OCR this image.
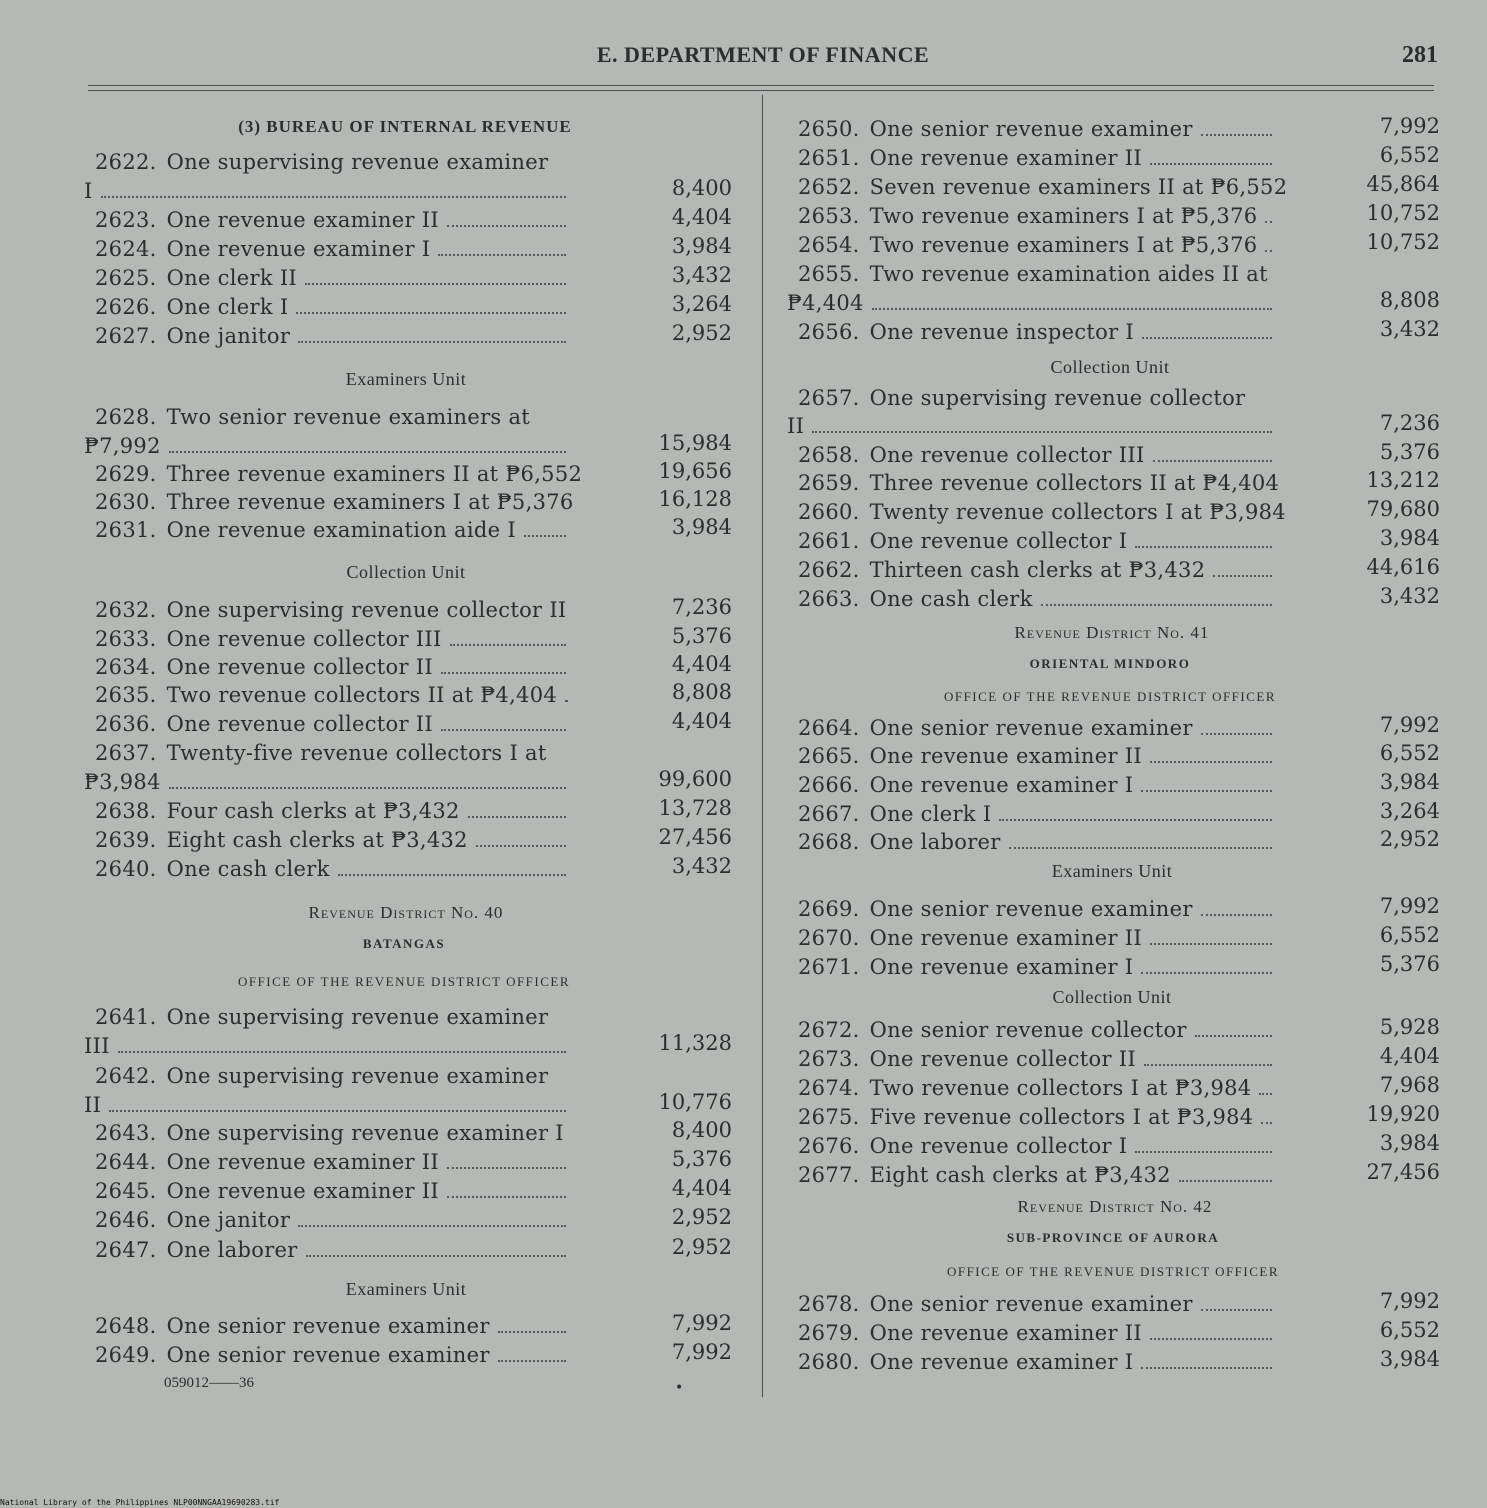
E. DEPARTMENT OF FINANCE	281
(3) BUREAU OF INTERNAL REVENUE
2622. One supervising revenue examiner
I	8,400
2623. One revenue examiner II	4,404
2624. One revenue examiner I	3,984
2625. One clerk II	3,432
2626. One clerk I	3,264
2627. One janitor	2,952
Examiners Unit
2628. Two senior revenue examiners at
₱7,992	15,984
2629. Three revenue examiners II at ₱6,552	19,656
2630. Three revenue examiners I at ₱5,376	16,128
2631. One revenue examination aide I	3,984
Collection Unit
2632. One supervising revenue collector II	7,236
2633. One revenue collector III	5,376
2634. One revenue collector II	4,404
2635. Two revenue collectors II at ₱4,404	8,808
2636. One revenue collector II	4,404
2637. Twenty-five revenue collectors I at
₱3,984	99,600
2638. Four cash clerks at ₱3,432	13,728
2639. Eight cash clerks at ₱3,432	27,456
2640. One cash clerk	3,432
Revenue District No. 40
BATANGAS
OFFICE OF THE REVENUE DISTRICT OFFICER
2641. One supervising revenue examiner
III	11,328
2642. One supervising revenue examiner
II	10,776
2643. One supervising revenue examiner I	8,400
2644. One revenue examiner II	5,376
2645. One revenue examiner II	4,404
2646. One janitor	2,952
2647. One laborer	2,952
Examiners Unit
2648. One senior revenue examiner	7,992
2649. One senior revenue examiner	7,992
2650. One senior revenue examiner	7,992
2651. One revenue examiner II	6,552
2652. Seven revenue examiners II at ₱6,552	45,864
2653. Two revenue examiners I at ₱5,376	10,752
2654. Two revenue examiners I at ₱5,376	10,752
2655. Two revenue examination aides II at
₱4,404	8,808
2656. One revenue inspector I	3,432
Collection Unit
2657. One supervising revenue collector
II	7,236
2658. One revenue collector III	5,376
2659. Three revenue collectors II at ₱4,404	13,212
2660. Twenty revenue collectors I at ₱3,984	79,680
2661. One revenue collector I	3,984
2662. Thirteen cash clerks at ₱3,432	44,616
2663. One cash clerk	3,432
Revenue District No. 41
ORIENTAL MINDORO
OFFICE OF THE REVENUE DISTRICT OFFICER
2664. One senior revenue examiner	7,992
2665. One revenue examiner II	6,552
2666. One revenue examiner I	3,984
2667. One clerk I	3,264
2668. One laborer	2,952
Examiners Unit
2669. One senior revenue examiner	7,992
2670. One revenue examiner II	6,552
2671. One revenue examiner I	5,376
Collection Unit
2672. One senior revenue collector	5,928
2673. One revenue collector II	4,404
2674. Two revenue collectors I at ₱3,984	7,968
2675. Five revenue collectors I at ₱3,984	19,920
2676. One revenue collector I	3,984
2677. Eight cash clerks at ₱3,432	27,456
Revenue District No. 42
SUB-PROVINCE OF AURORA
OFFICE OF THE REVENUE DISTRICT OFFICER
2678. One senior revenue examiner	7,992
2679. One revenue examiner II	6,552
2680. One revenue examiner I	3,984
059012——36	•
National Library of the Philippines NLP00NNGAA19690283.tif
